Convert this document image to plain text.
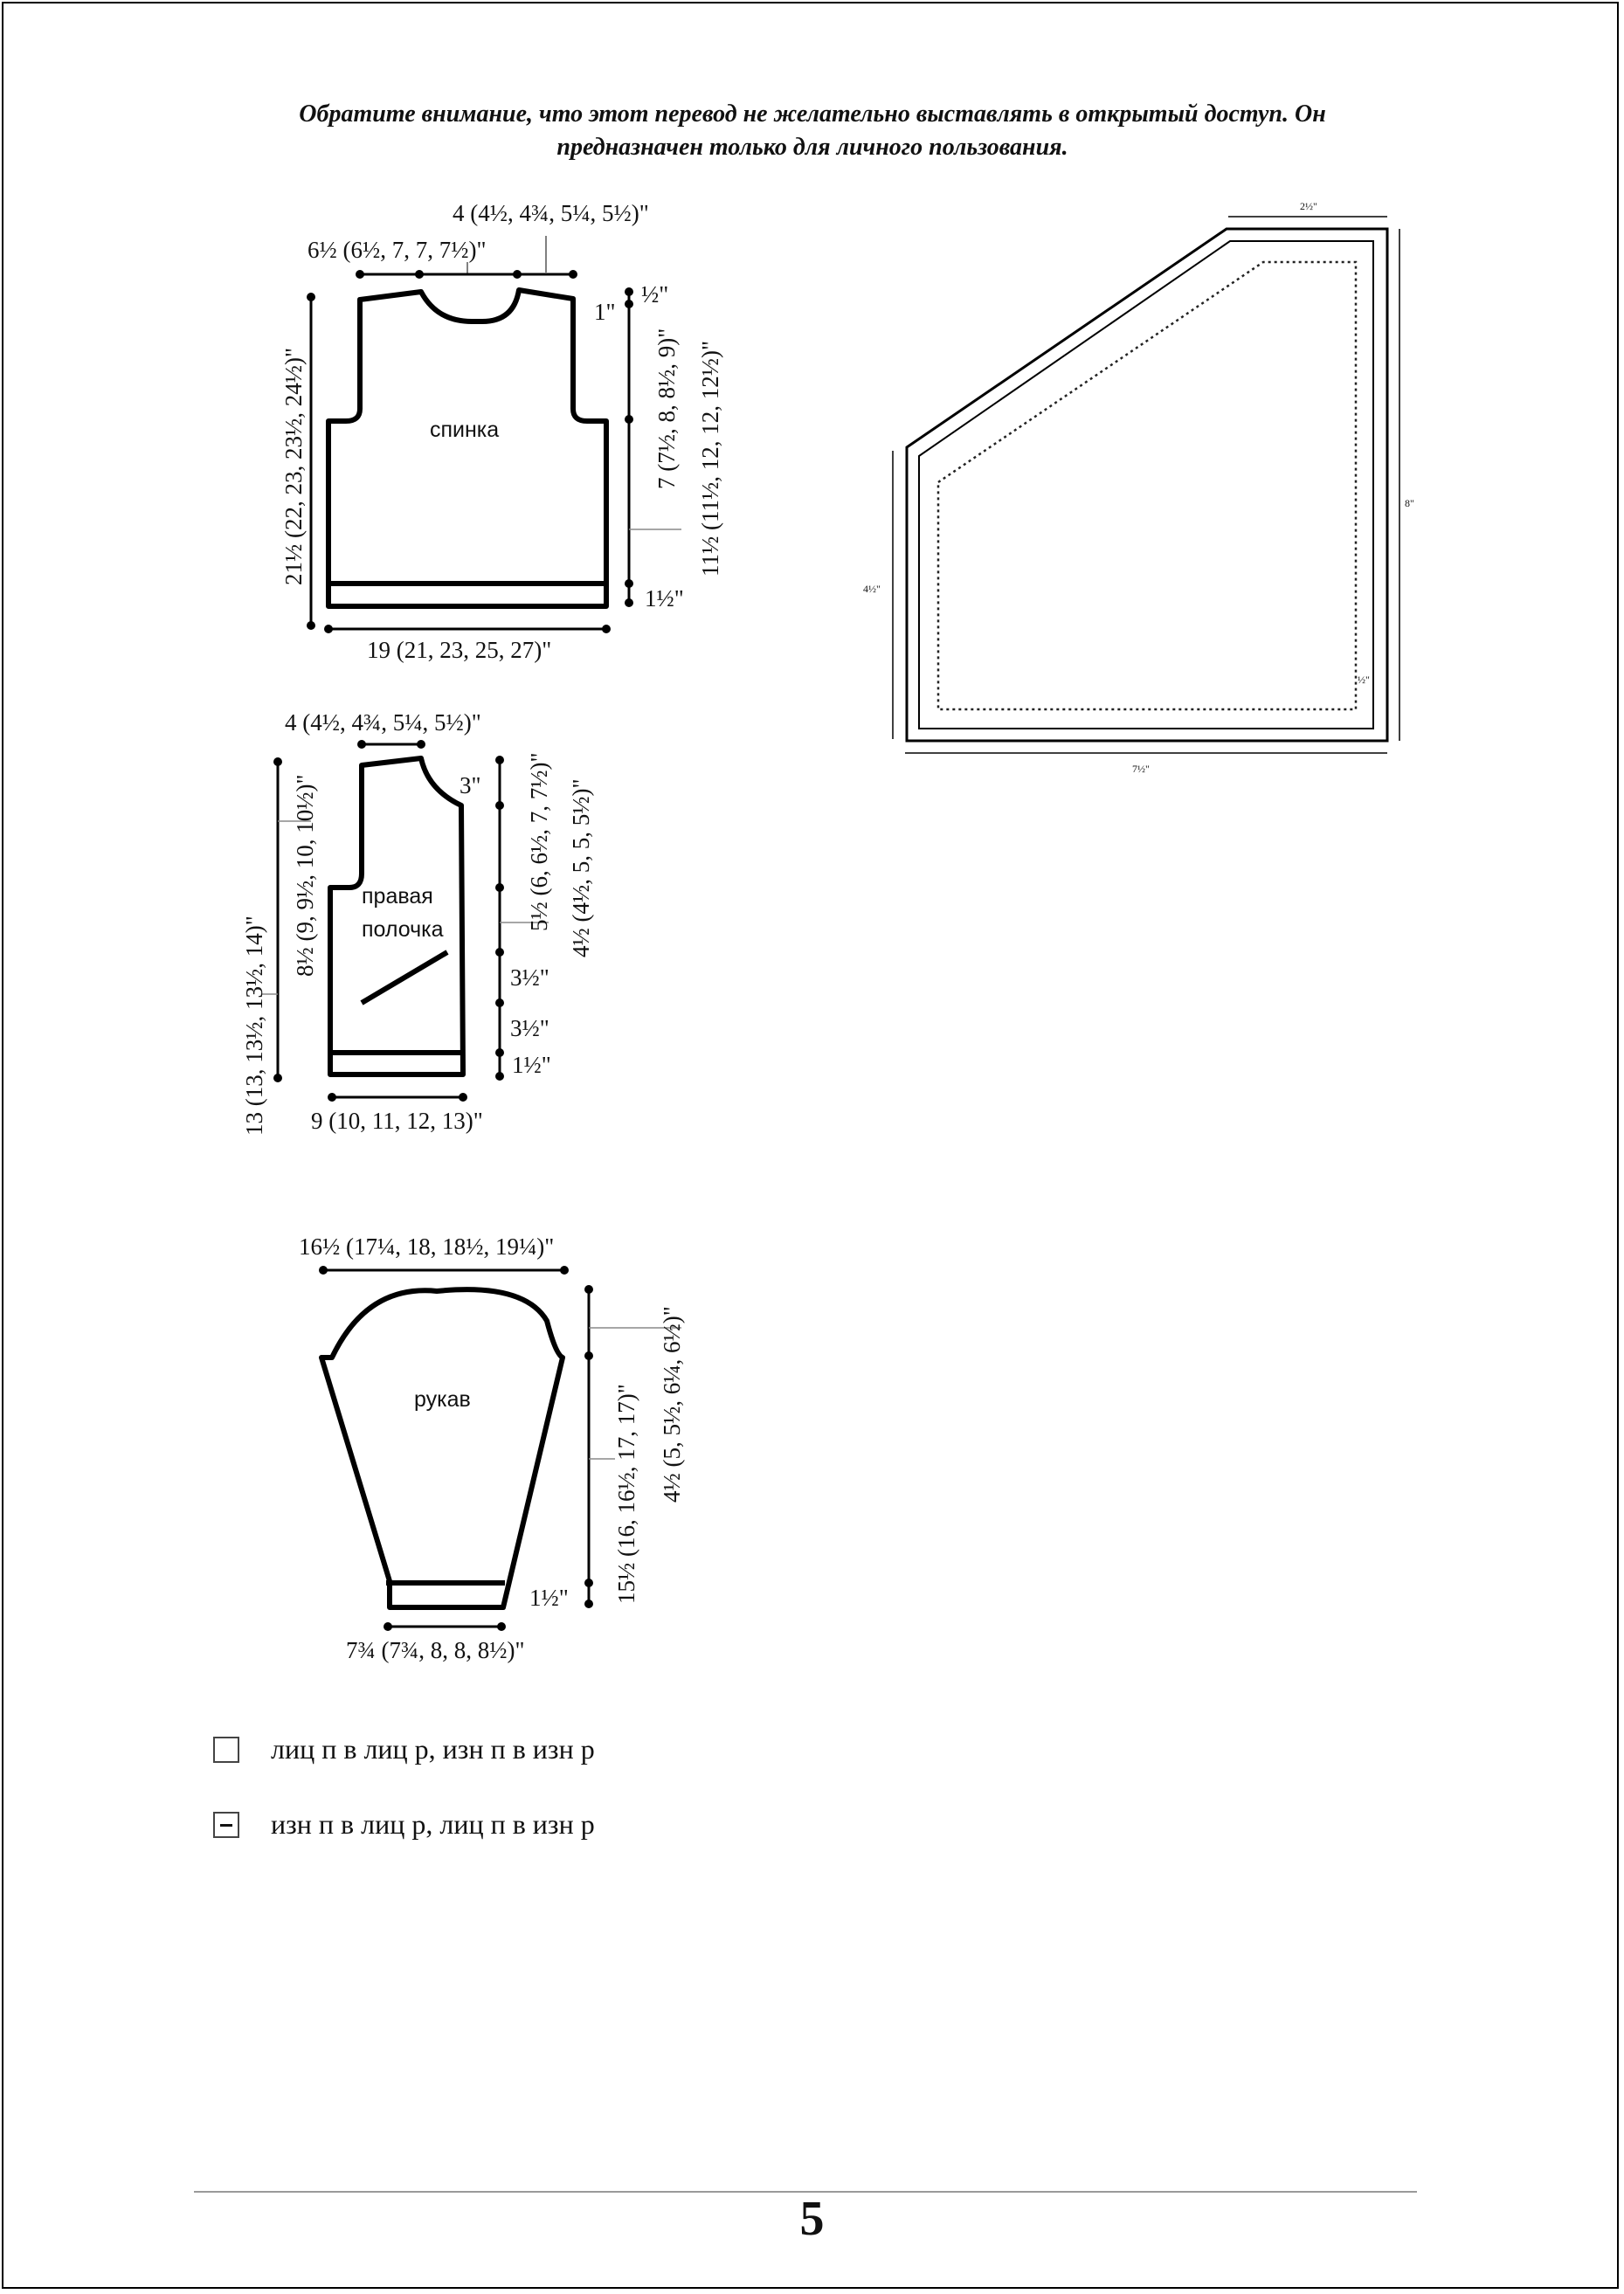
Обратите внимание, что этот перевод не желательно выставлять в открытый доступ. Он
предназначен только для личного пользования.
спинка
4 (4½, 4¾, 5¼, 5½)"
6½ (6½, 7, 7, 7½)"
21½ (22, 23, 23½, 24½)"
½"
1"
7 (7½, 8, 8½, 9)" 11½ (11½, 12, 12, 12½)"
1½"
19 (21, 23, 25, 27)"
правая
полочка
4 (4½, 4¾, 5¼, 5½)"
3"
13 (13, 13½, 13½, 14)"
8½ (9, 9½, 10, 10½)"	5½ (6, 6½, 7, 7½)" 4½ (4½, 5, 5, 5½)"
3½"
3½"
1½"
9 (10, 11, 12, 13)"
рукав
16½ (17¼, 18, 18½, 19¼)"
15½ (16, 16½, 17, 17)" 4½ (5, 5½, 6¼, 6½)"
1½"
7¾ (7¾, 8, 8, 8½)"
2½"
8"
4½"
7½"
½"
лиц п в лиц р, изн п в изн р
изн п в лиц р, лиц п в изн р
5
